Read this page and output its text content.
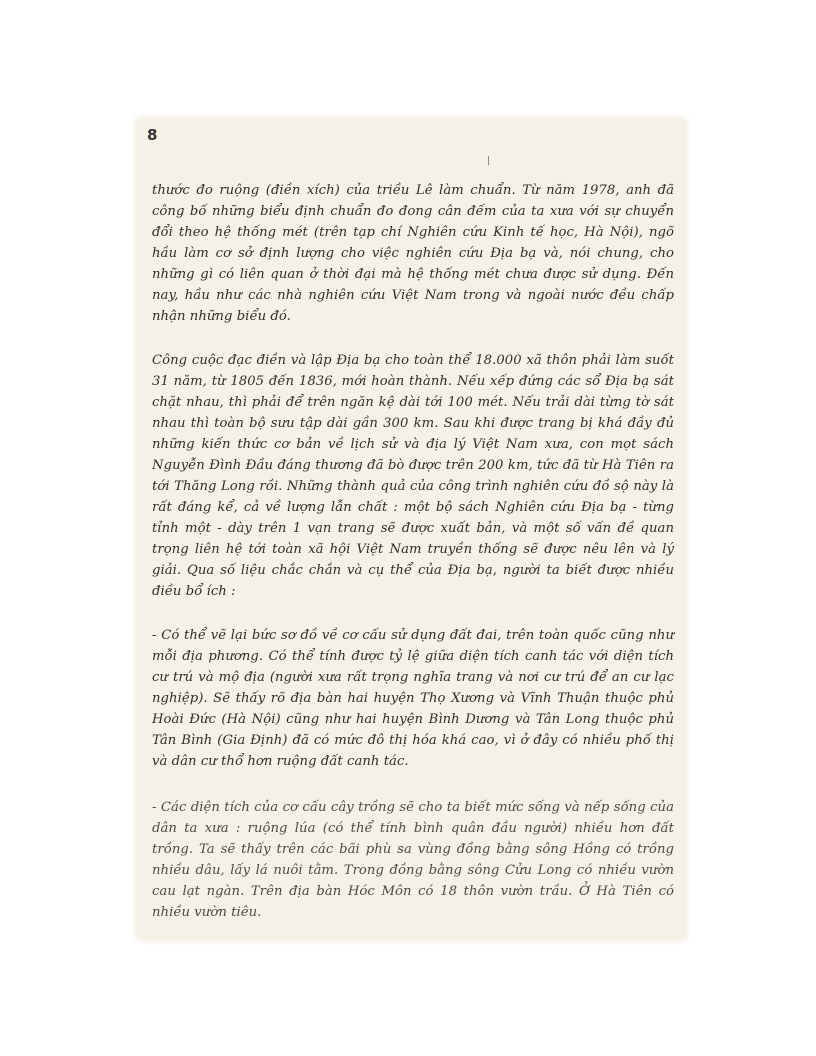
8

thước đo ruộng (điền xích) của triều Lê làm chuẩn. Từ năm 1978, anh đã công bố những biểu định chuẩn đo đong cân đếm của ta xưa với sự chuyển đổi theo hệ thống mét (trên tạp chí Nghiên cứu Kinh tế học, Hà Nội), ngõ hầu làm cơ sở định lượng cho việc nghiên cứu Địa bạ và, nói chung, cho những gì có liên quan ở thời đại mà hệ thống mét chưa được sử dụng. Đến nay, hầu như các nhà nghiên cứu Việt Nam trong và ngoài nước đều chấp nhận những biểu đó.

Công cuộc đạc điền và lập Địa bạ cho toàn thể 18.000 xã thôn phải làm suốt 31 năm, từ 1805 đến 1836, mới hoàn thành. Nếu xếp đứng các sổ Địa bạ sát chặt nhau, thì phải để trên ngăn kệ dài tới 100 mét. Nếu trải dài từng tờ sát nhau thì toàn bộ sưu tập dài gần 300 km. Sau khi được trang bị khá đầy đủ những kiến thức cơ bản về lịch sử và địa lý Việt Nam xưa, con mọt sách Nguyễn Đình Đầu đáng thương đã bò được trên 200 km, tức đã từ Hà Tiên ra tới Thăng Long rồi. Những thành quả của công trình nghiên cứu đồ sộ này là rất đáng kể, cả về lượng lẫn chất : một bộ sách Nghiên cứu Địa bạ - từng tỉnh một - dày trên 1 vạn trang sẽ được xuất bản, và một số vấn đề quan trọng liên hệ tới toàn xã hội Việt Nam truyền thống sẽ được nêu lên và lý giải. Qua số liệu chắc chắn và cụ thể của Địa bạ, người ta biết được nhiều điều bổ ích :

- Có thể vẽ lại bức sơ đồ về cơ cấu sử dụng đất đai, trên toàn quốc cũng như mỗi địa phương. Có thể tính được tỷ lệ giữa diện tích canh tác với diện tích cư trú và mộ địa (người xưa rất trọng nghĩa trang và nơi cư trú để an cư lạc nghiệp). Sẽ thấy rõ địa bàn hai huyện Thọ Xương và Vĩnh Thuận thuộc phủ Hoài Đức (Hà Nội) cũng như hai huyện Bình Dương và Tân Long thuộc phủ Tân Bình (Gia Định) đã có mức đô thị hóa khá cao, vì ở đây có nhiều phố thị và dân cư thổ hơn ruộng đất canh tác.

- Các diện tích của cơ cấu cây trồng sẽ cho ta biết mức sống và nếp sống của dân ta xưa : ruộng lúa (có thể tính bình quân đầu người) nhiều hơn đất trồng. Ta sẽ thấy trên các bãi phù sa vùng đồng bằng sông Hồng có trồng nhiều dâu, lấy lá nuôi tằm. Trong đồng bằng sông Cửu Long có nhiều vườn cau lạt ngàn. Trên địa bàn Hóc Môn có 18 thôn vườn trầu. Ở Hà Tiên có nhiều vườn tiêu.
